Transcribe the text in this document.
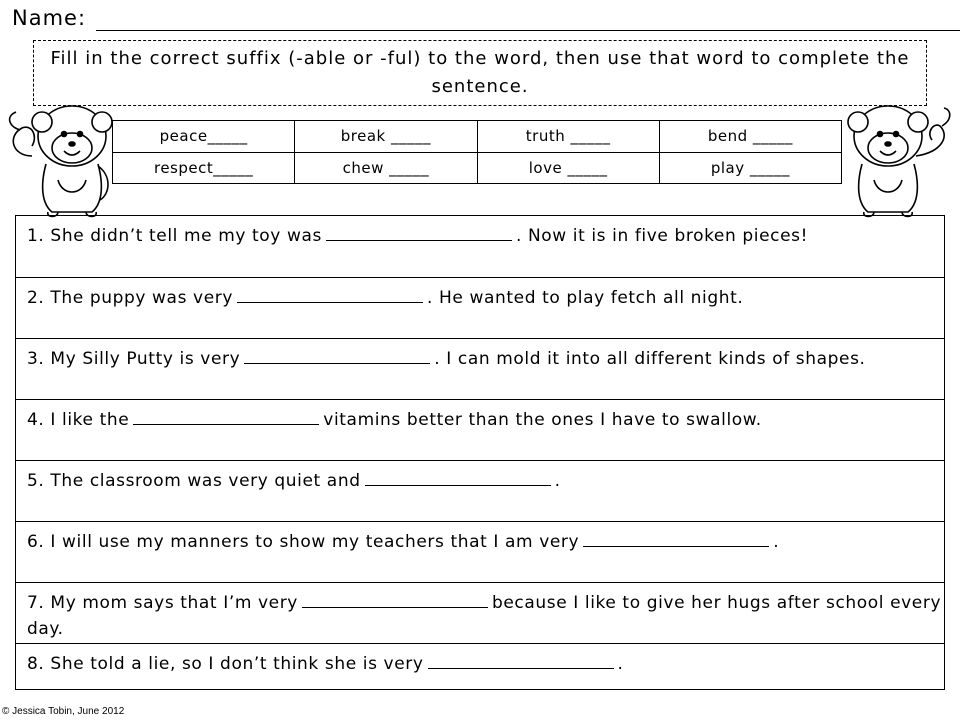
Name:
Fill in the correct suffix (-able or -ful) to the word, then use that word to complete the sentence.
peace_____	break _____	truth _____	bend _____
respect_____	chew _____	love _____	play _____
1. She didn’t tell me my toy was	. Now it is in five broken pieces!
2. The puppy was very	. He wanted to play fetch all night.
3. My Silly Putty is very	. I can mold it into all different kinds of shapes.
4. I like the	vitamins better than the ones I have to swallow.
5. The classroom was very quiet and	.
6. I will use my manners to show my teachers that I am very	.
7. My mom says that I’m very	because I like to give her hugs after school every day.
8. She told a lie, so I don’t think she is very	.
© Jessica Tobin, June 2012
